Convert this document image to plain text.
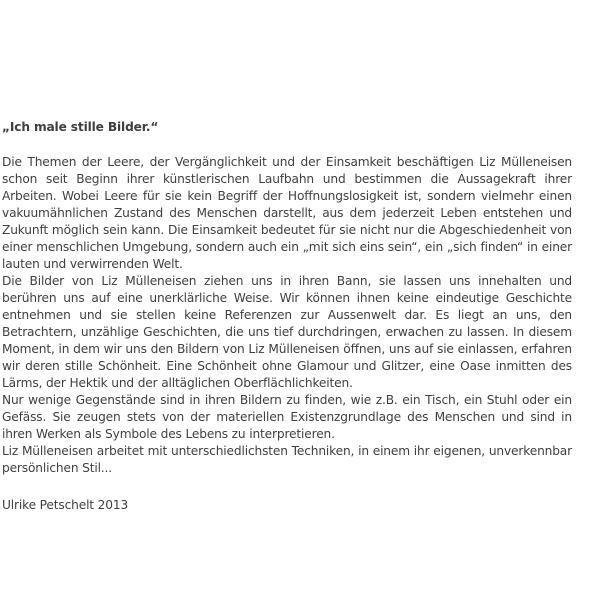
„Ich male stille Bilder.“

Die Themen der Leere, der Vergänglichkeit und der Einsamkeit beschäftigen Liz Mülleneisen schon seit Beginn ihrer künstlerischen Laufbahn und bestimmen die Aussagekraft ihrer Arbeiten. Wobei Leere für sie kein Begriff der Hoffnungslosigkeit ist, sondern vielmehr einen vakuumähnlichen Zustand des Menschen darstellt, aus dem jederzeit Leben entstehen und Zukunft möglich sein kann. Die Einsamkeit bedeutet für sie nicht nur die Abgeschiedenheit von einer menschlichen Umgebung, sondern auch ein „mit sich eins sein“, ein „sich finden“ in einer lauten und verwirrenden Welt.

Die Bilder von Liz Mülleneisen ziehen uns in ihren Bann, sie lassen uns innehalten und berühren uns auf eine unerklärliche Weise. Wir können ihnen keine eindeutige Geschichte entnehmen und sie stellen keine Referenzen zur Aussenwelt dar. Es liegt an uns, den Betrachtern, unzählige Geschichten, die uns tief durchdringen, erwachen zu lassen. In diesem Moment, in dem wir uns den Bildern von Liz Mülleneisen öffnen, uns auf sie einlassen, erfahren wir deren stille Schönheit. Eine Schönheit ohne Glamour und Glitzer, eine Oase inmitten des Lärms, der Hektik und der alltäglichen Oberflächlichkeiten.

Nur wenige Gegenstände sind in ihren Bildern zu finden, wie z.B. ein Tisch, ein Stuhl oder ein Gefäss. Sie zeugen stets von der materiellen Existenzgrundlage des Menschen und sind in ihren Werken als Symbole des Lebens zu interpretieren.

Liz Mülleneisen arbeitet mit unterschiedlichsten Techniken, in einem ihr eigenen, unverkennbar persönlichen Stil...

Ulrike Petschelt 2013
